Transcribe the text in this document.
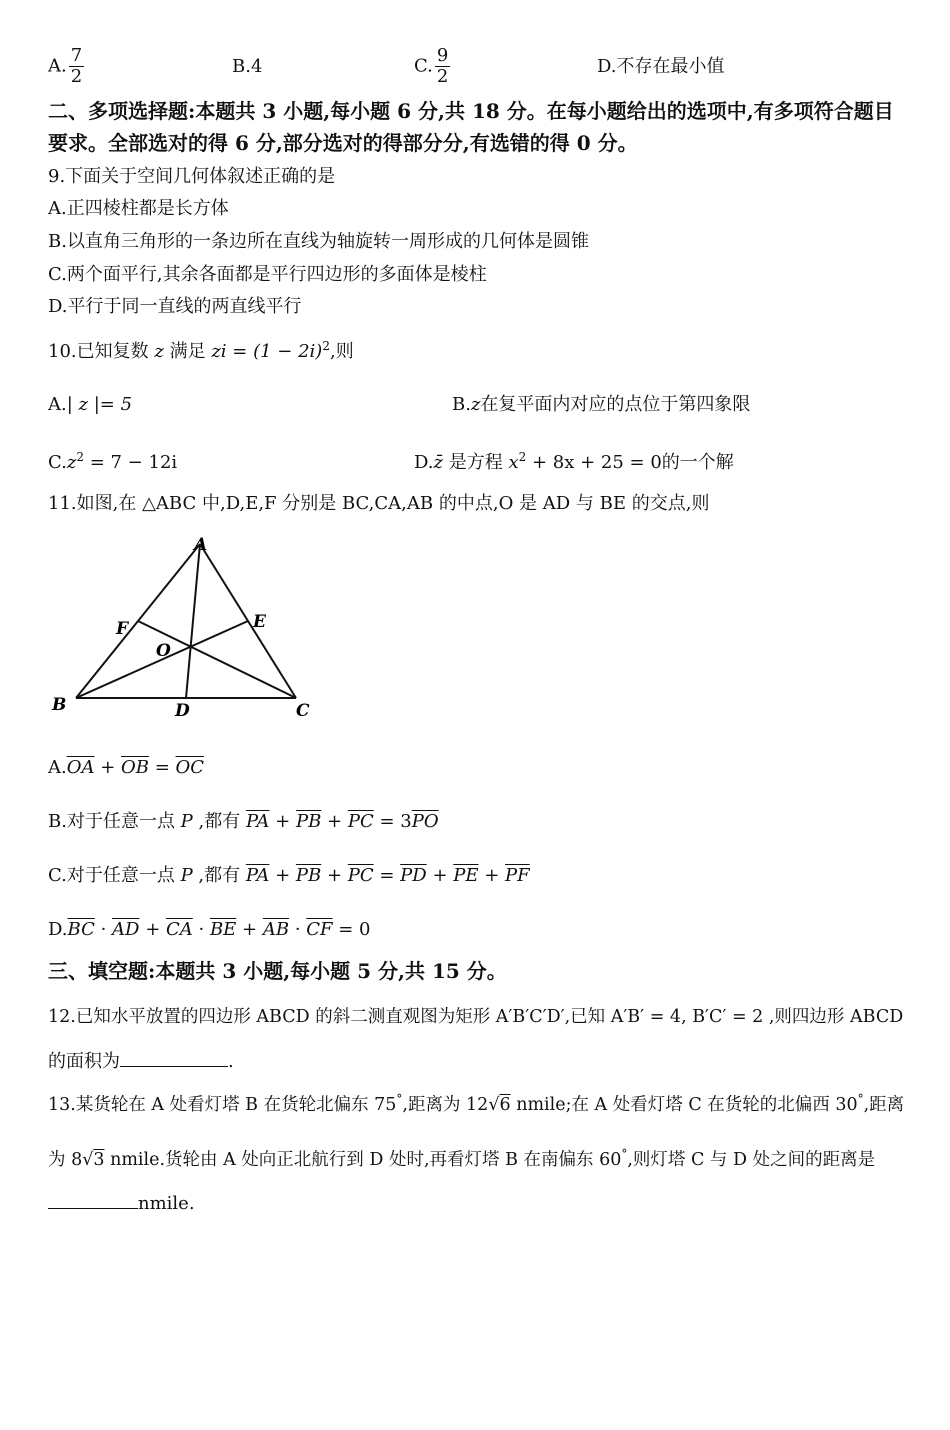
A. $\frac{7}{2}$	B.4	C. $\frac{9}{2}$	D.不存在最小值
二、多项选择题:本题共 3 小题,每小题 6 分,共 18 分。在每小题给出的选项中,有多项符合题目
要求。全部选对的得 6 分,部分选对的得部分分,有选错的得 0 分。
9.下面关于空间几何体叙述正确的是
A.正四棱柱都是长方体
B.以直角三角形的一条边所在直线为轴旋转一周形成的几何体是圆锥
C.两个面平行,其余各面都是平行四边形的多面体是棱柱
D.平行于同一直线的两直线平行
10.已知复数 z 满足 zi = $(1 - 2i)^2$,则
A.| z |= 5	B.z在复平面内对应的点位于第四象限
$C.z^2 = 7 - 12i$	D.z̄ 是方程 $x^2 + 8x + 25 = 0$的一个解
11.如图,在 △ABC 中,D,E,F 分别是 BC,CA,AB 的中点,O 是 AD 与 BE 的交点,则
A
B	C
D
E
F
O
$A.\overline{OA} + \overline{OB} = \overline{OC}$
B.对于任意一点 P ,都有 $\overline{PA} + \overline{PB} + \overline{PC} = 3\overline{PO}$
C.对于任意一点 P ,都有 $\overline{PA} + \overline{PB} + \overline{PC} = \overline{PD} + \overline{PE} + \overline{PF}$
$D.\overline{BC} \cdot \overline{AD} + \overline{CA} \cdot \overline{BE} + \overline{AB} \cdot \overline{CF} = 0$
三、填空题:本题共 3 小题,每小题 5 分,共 15 分。
12.已知水平放置的四边形 ABCD 的斜二测直观图为矩形 A′B′C′D′,已知 A′B′ = 4, B′C′ = 2 ,则四边形 ABCD
的面积为	.
13.某货轮在 A 处看灯塔 B 在货轮北偏东 75°,距离为 12√6 nmile;在 A 处看灯塔 C 在货轮的北偏西 30°,距离
为 8√3 nmile.货轮由 A 处向正北航行到 D 处时,再看灯塔 B 在南偏东 60°,则灯塔 C 与 D 处之间的距离是
nmile.
